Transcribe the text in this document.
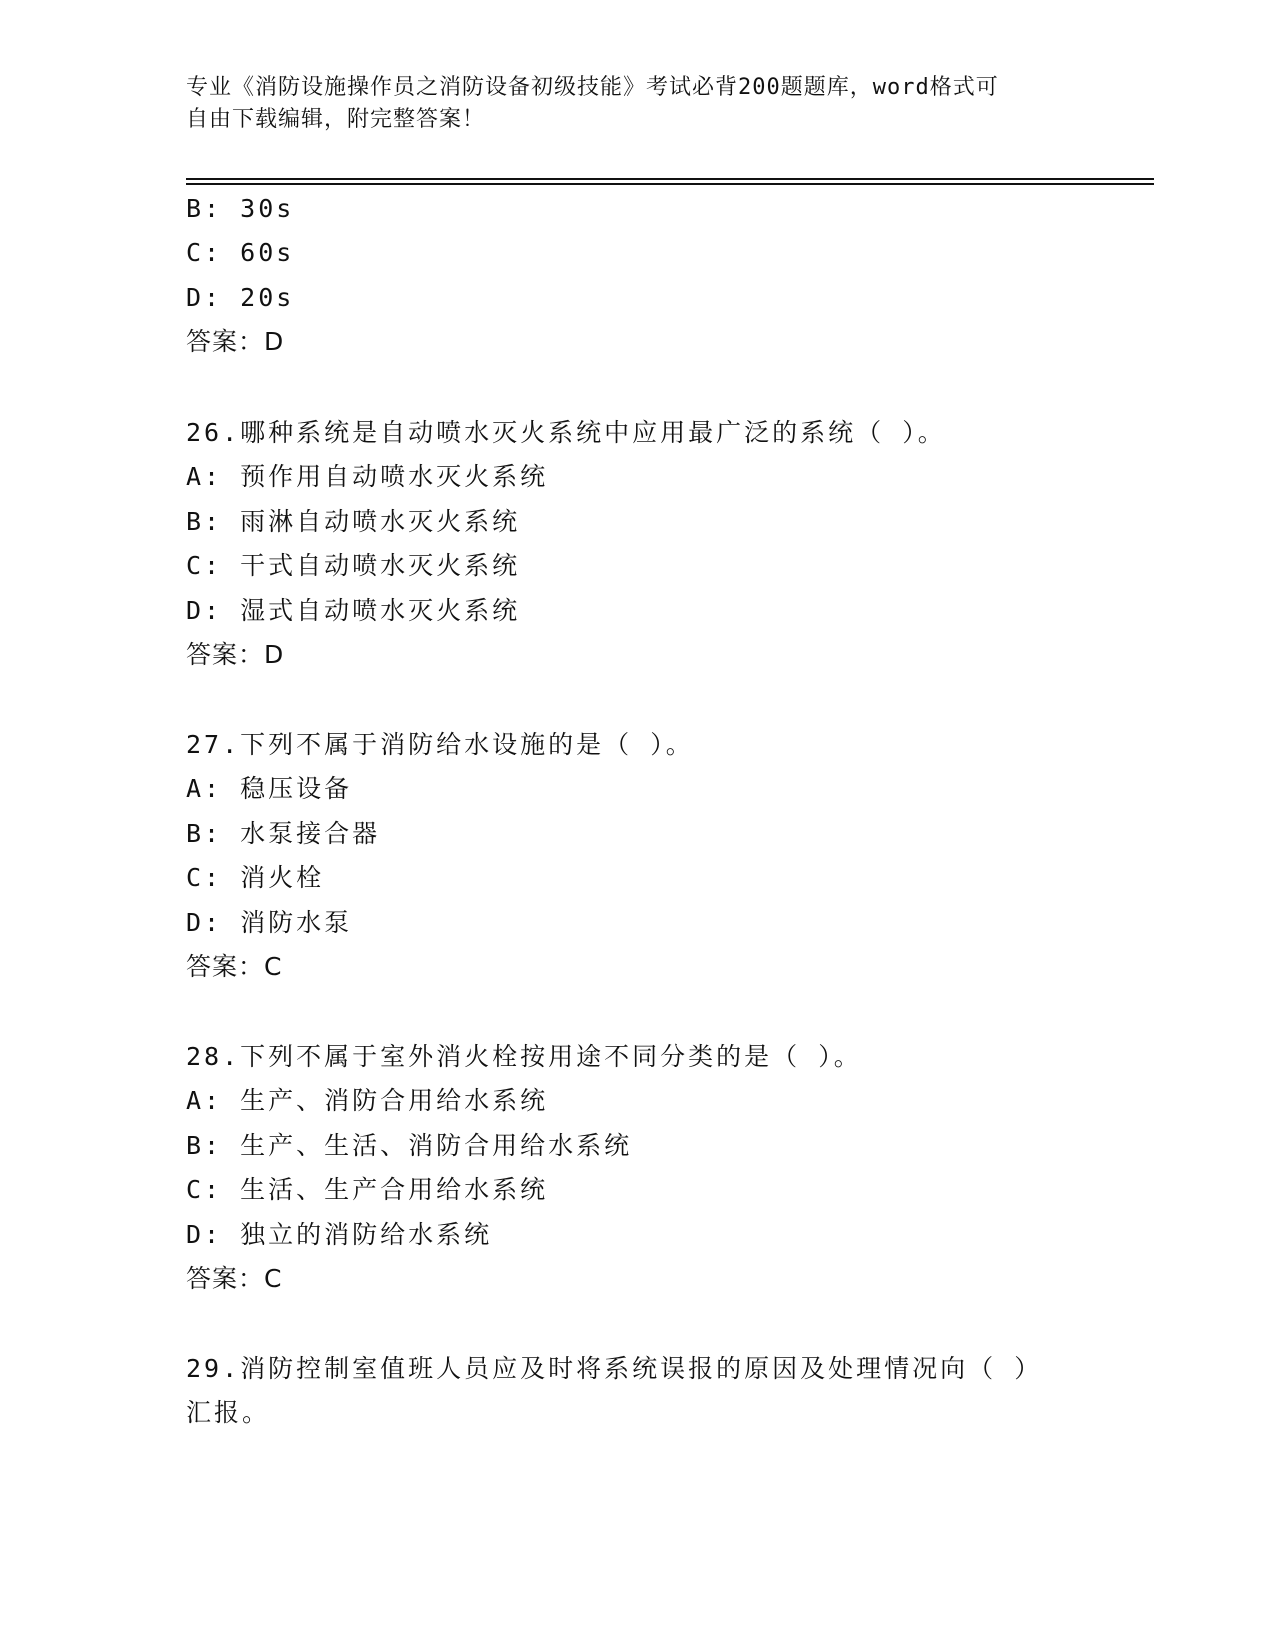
专业《消防设施操作员之消防设备初级技能》考试必背200题题库，word格式可
自由下载编辑，附完整答案！
B: 30s
C: 60s
D: 20s
答案：D
26.哪种系统是自动喷水灭火系统中应用最广泛的系统（ ）。
A: 预作用自动喷水灭火系统
B: 雨淋自动喷水灭火系统
C: 干式自动喷水灭火系统
D: 湿式自动喷水灭火系统
答案：D
27.下列不属于消防给水设施的是（ ）。
A: 稳压设备
B: 水泵接合器
C: 消火栓
D: 消防水泵
答案：C
28.下列不属于室外消火栓按用途不同分类的是（ ）。
A: 生产、消防合用给水系统
B: 生产、生活、消防合用给水系统
C: 生活、生产合用给水系统
D: 独立的消防给水系统
答案：C
29.消防控制室值班人员应及时将系统误报的原因及处理情况向（ ）
汇报。
